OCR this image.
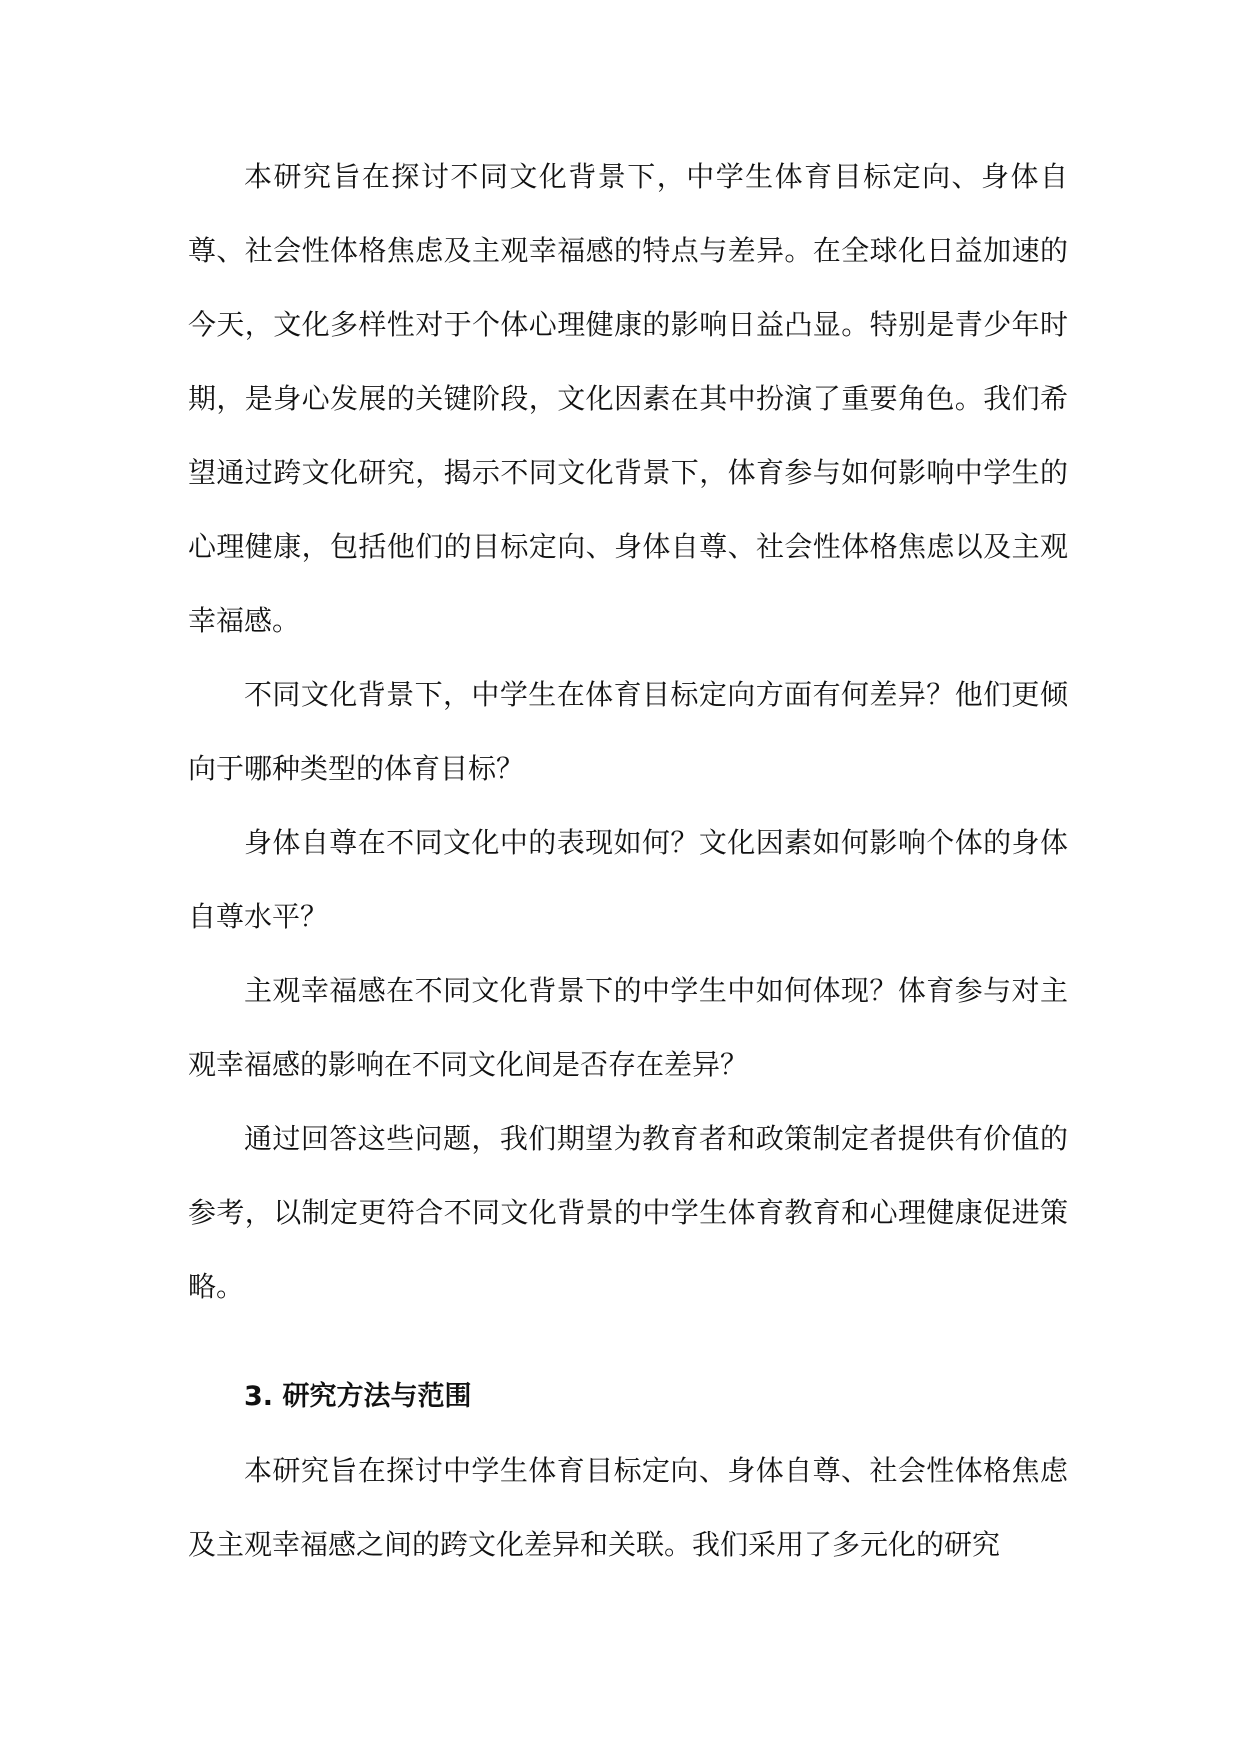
本研究旨在探讨不同文化背景下，中学生体育目标定向、身体自尊、社会性体格焦虑及主观幸福感的特点与差异。在全球化日益加速的今天，文化多样性对于个体心理健康的影响日益凸显。特别是青少年时期，是身心发展的关键阶段，文化因素在其中扮演了重要角色。我们希望通过跨文化研究，揭示不同文化背景下，体育参与如何影响中学生的心理健康，包括他们的目标定向、身体自尊、社会性体格焦虑以及主观幸福感。

不同文化背景下，中学生在体育目标定向方面有何差异？他们更倾向于哪种类型的体育目标？

身体自尊在不同文化中的表现如何？文化因素如何影响个体的身体自尊水平？

主观幸福感在不同文化背景下的中学生中如何体现？体育参与对主观幸福感的影响在不同文化间是否存在差异？

通过回答这些问题，我们期望为教育者和政策制定者提供有价值的参考，以制定更符合不同文化背景的中学生体育教育和心理健康促进策略。

3. 研究方法与范围

本研究旨在探讨中学生体育目标定向、身体自尊、社会性体格焦虑及主观幸福感之间的跨文化差异和关联。我们采用了多元化的研究
